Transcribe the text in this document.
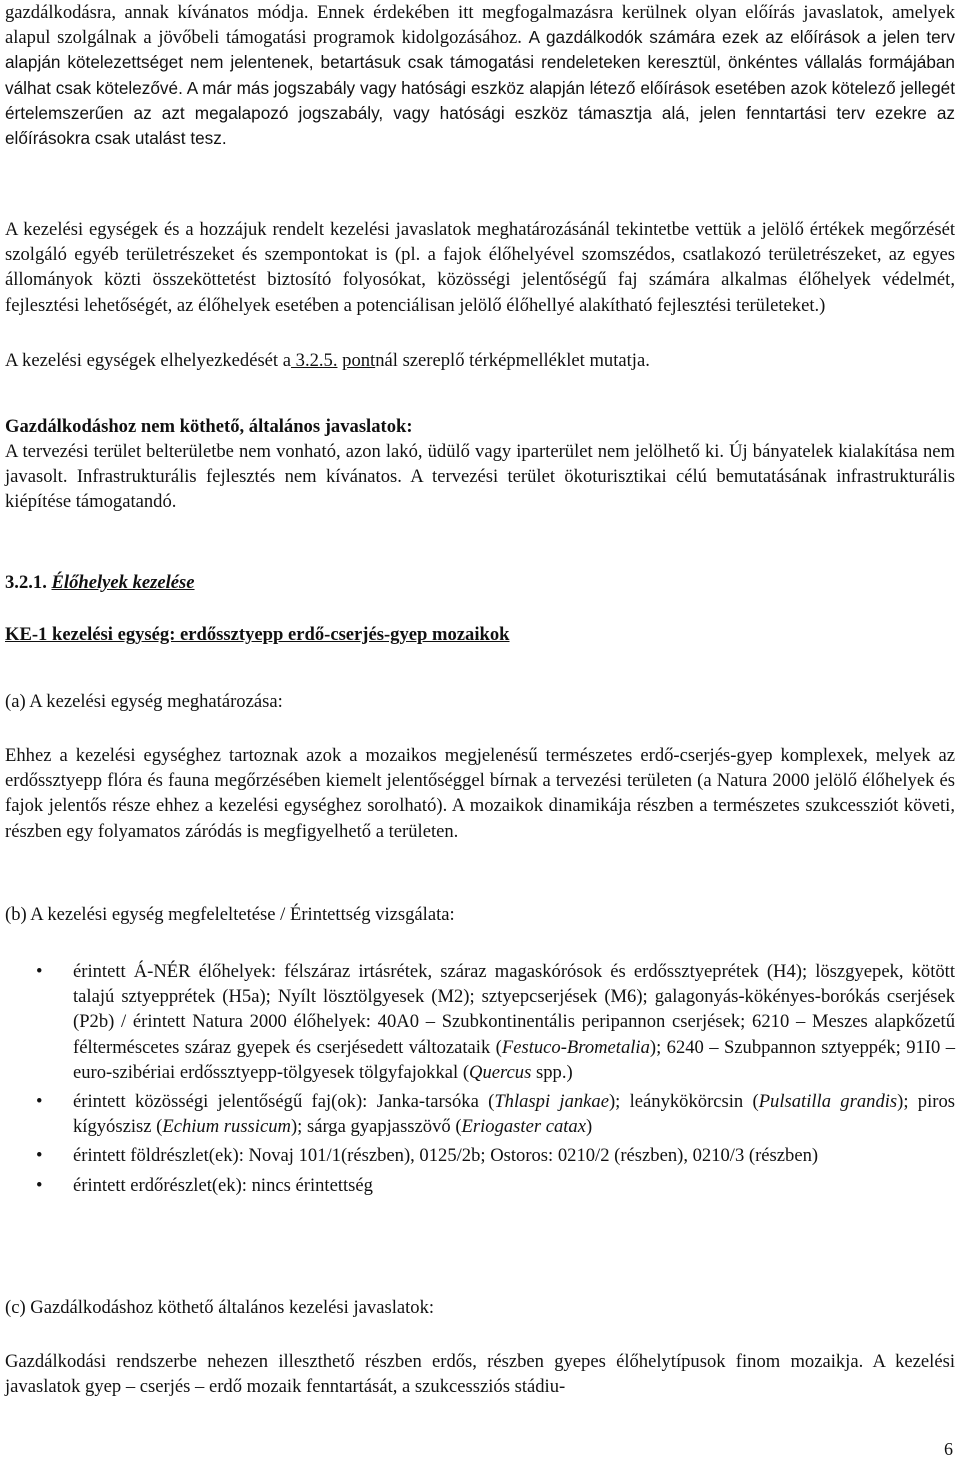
gazdálkodásra, annak kívánatos módja. Ennek érdekében itt megfogalmazásra kerülnek olyan előírás javaslatok, amelyek alapul szolgálnak a jövőbeli támogatási programok kidolgozásához. A gazdálkodók számára ezek az előírások a jelen terv alapján kötelezettséget nem jelentenek, betartásuk csak támogatási rendeleteken keresztül, önkéntes vállalás formájában válhat csak kötelezővé. A már más jogszabály vagy hatósági eszköz alapján létező előírások esetében azok kötelező jellegét értelemszerűen az azt megalapozó jogszabály, vagy hatósági eszköz támasztja alá, jelen fenntartási terv ezekre az előírásokra csak utalást tesz.

A kezelési egységek és a hozzájuk rendelt kezelési javaslatok meghatározásánál tekintetbe vettük a jelölő értékek megőrzését szolgáló egyéb területrészeket és szempontokat is (pl. a fajok élőhelyével szomszédos, csatlakozó területrészeket, az egyes állományok közti összeköttetést biztosító folyosókat, közösségi jelentőségű faj számára alkalmas élőhelyek védelmét, fejlesztési lehetőségét, az élőhelyek esetében a potenciálisan jelölő élőhellyé alakítható fejlesztési területeket.)

A kezelési egységek elhelyezkedését a 3.2.5. pontnál szereplő térképmelléklet mutatja.

Gazdálkodáshoz nem köthető, általános javaslatok:

A tervezési terület belterületbe nem vonható, azon lakó, üdülő vagy iparterület nem jelölhető ki. Új bányatelek kialakítása nem javasolt. Infrastrukturális fejlesztés nem kívánatos. A tervezési terület ökoturisztikai célú bemutatásának infrastrukturális kiépítése támogatandó.

3.2.1. Élőhelyek kezelése

KE-1 kezelési egység: erdőssztyepp erdő-cserjés-gyep mozaikok

(a) A kezelési egység meghatározása:

Ehhez a kezelési egységhez tartoznak azok a mozaikos megjelenésű természetes erdő-cserjés-gyep komplexek, melyek az erdőssztyepp flóra és fauna megőrzésében kiemelt jelentőséggel bírnak a tervezési területen (a Natura 2000 jelölő élőhelyek és fajok jelentős része ehhez a kezelési egységhez sorolható). A mozaikok dinamikája részben a természetes szukcessziót követi, részben egy folyamatos záródás is megfigyelhető a területen.

(b) A kezelési egység megfeleltetése / Érintettség vizsgálata:

• érintett Á-NÉR élőhelyek: félszáraz irtásrétek, száraz magaskórósok és erdőssztyeprétek (H4); löszgyepek, kötött talajú sztyepprétek (H5a); Nyílt lösztölgyesek (M2); sztyepcserjések (M6); galagonyás-kökényes-borókás cserjések (P2b) / érintett Natura 2000 élőhelyek: 40A0 – Szubkontinentális peripannon cserjések; 6210 – Meszes alapkőzetű félterméscetes száraz gyepek és cserjésedett változataik (Festuco-Brometalia); 6240 – Szubpannon sztyeppék; 91I0 – euro-szibériai erdőssztyepp-tölgyesek tölgyfajokkal (Quercus spp.)
• érintett közösségi jelentőségű faj(ok): Janka-tarsóka (Thlaspi jankae); leánykökörcsin (Pulsatilla grandis); piros kígyószisz (Echium russicum); sárga gyapjasszövő (Eriogaster catax)
• érintett földrészlet(ek): Novaj 101/1(részben), 0125/2b; Ostoros: 0210/2 (részben), 0210/3 (részben)
• érintett erdőrészlet(ek): nincs érintettség

(c) Gazdálkodáshoz köthető általános kezelési javaslatok:

Gazdálkodási rendszerbe nehezen illeszthető részben erdős, részben gyepes élőhelytípusok finom mozaikja. A kezelési javaslatok gyep – cserjés – erdő mozaik fenntartását, a szukcessziós stádiu-

6
